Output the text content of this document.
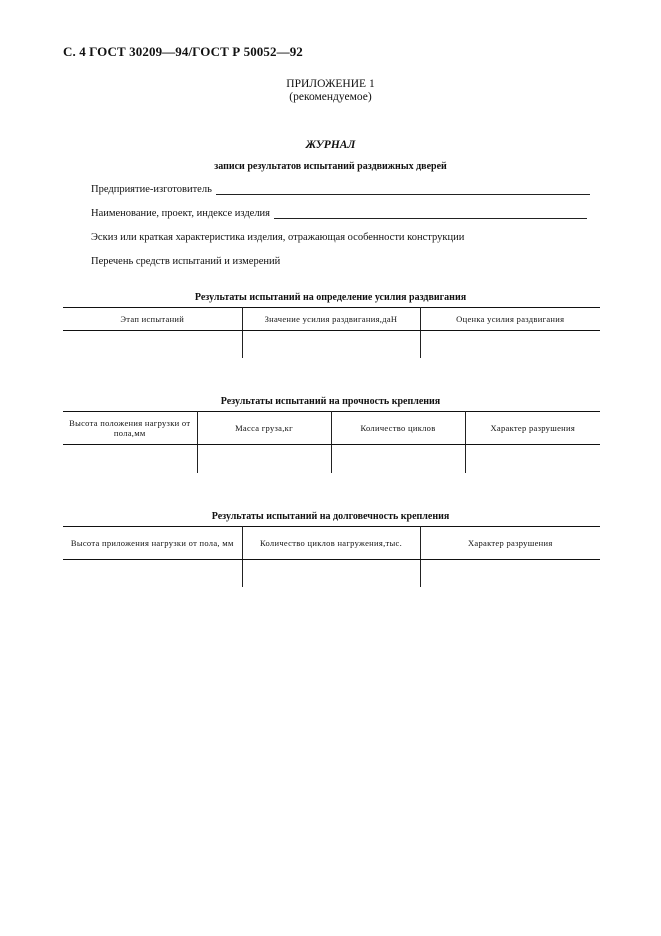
С. 4 ГОСТ 30209—94/ГОСТ Р 50052—92
ПРИЛОЖЕНИЕ 1
(рекомендуемое)
ЖУРНАЛ
записи результатов испытаний раздвижных дверей
Предприятие-изготовитель
Наименование, проект, индексе изделия
Эскиз или краткая характеристика изделия, отражающая особенности конструкции
Перечень средств испытаний и измерений
Результаты испытаний на определение усилия раздвигания
Этап испытаний	Значение усилия раздвигания,даН	Оценка усилия раздвигания

Результаты испытаний на прочность крепления
Высота положения нагрузки от пола,мм	Масса груза,кг	Количество циклов	Характер разрушения

Результаты испытаний на долговечность крепления
Высота приложения нагрузки от пола, мм	Количество циклов нагружения,тыс.	Характер разрушения
